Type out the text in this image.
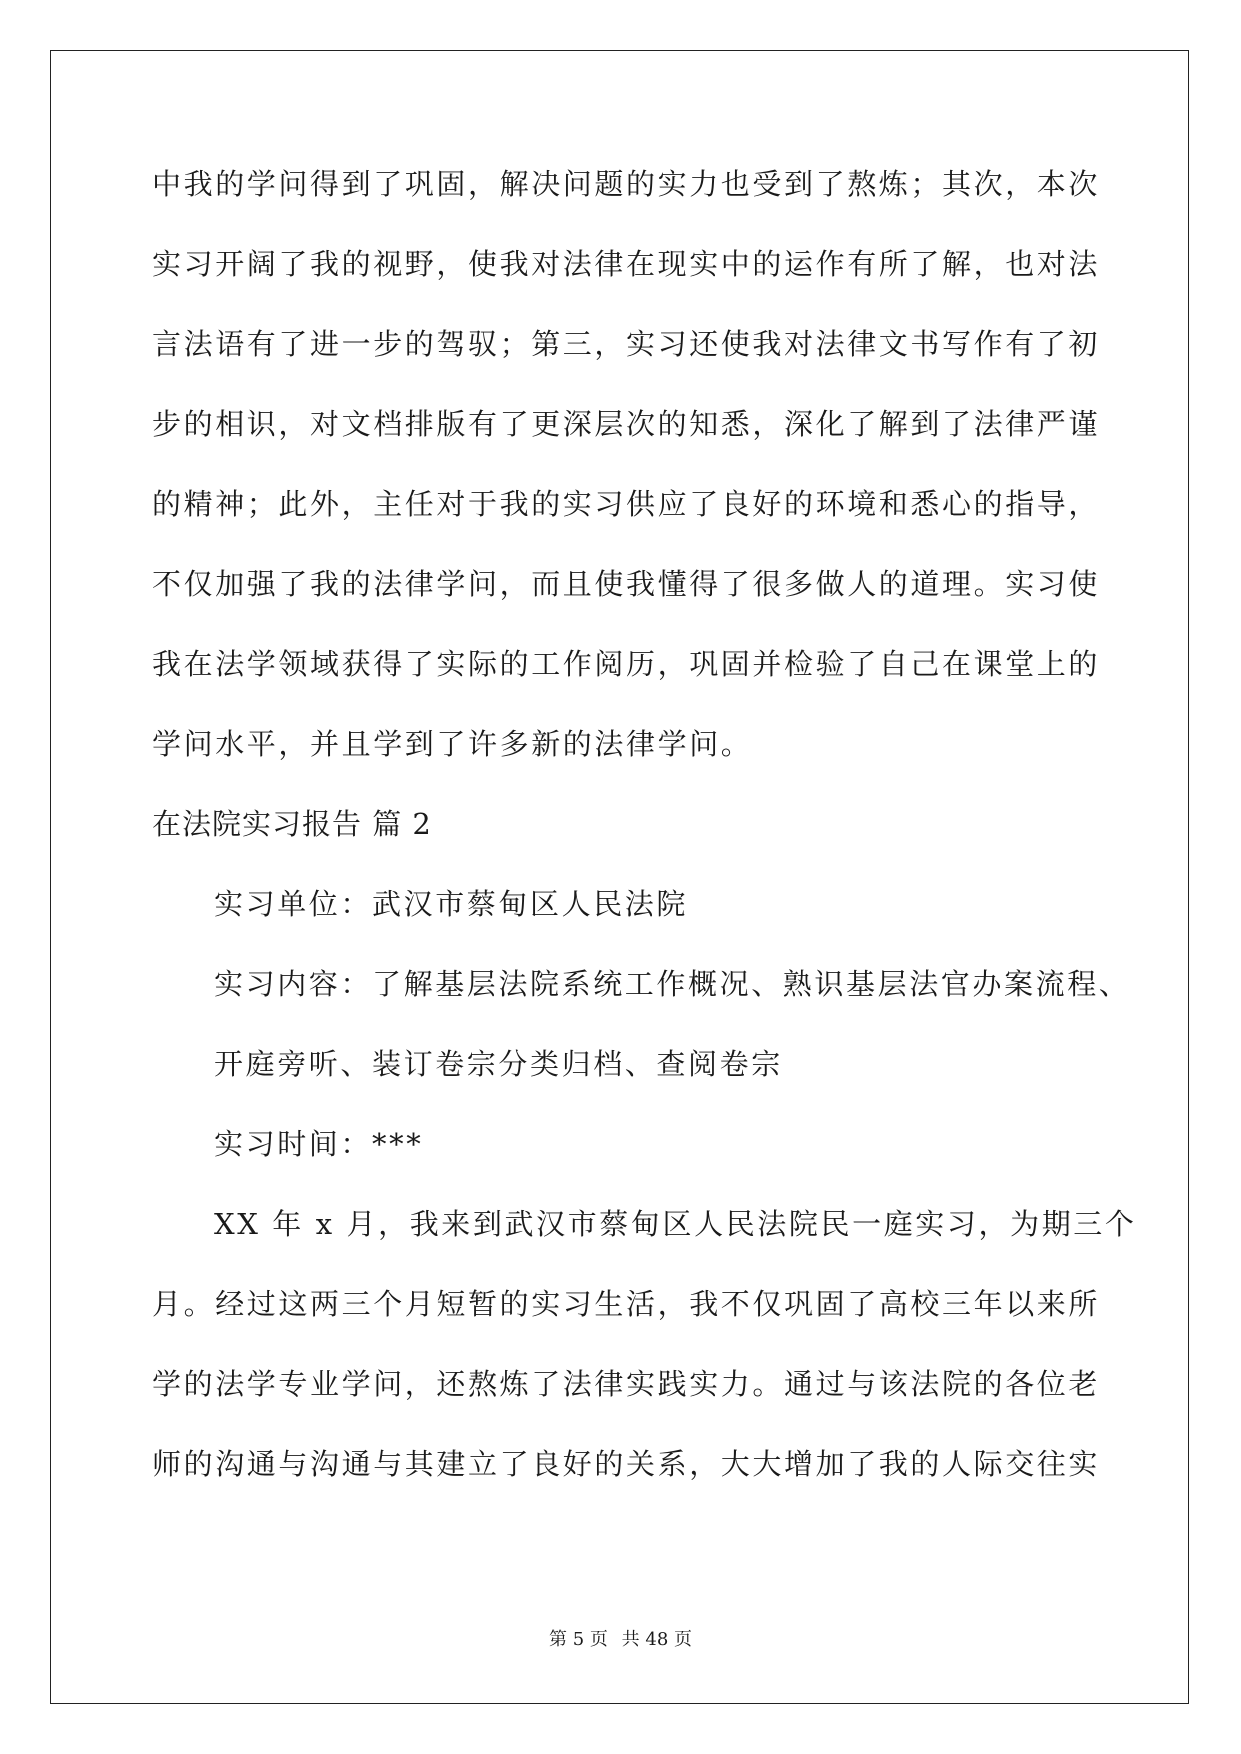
中我的学问得到了巩固，解决问题的实力也受到了熬炼；其次，本次
实习开阔了我的视野，使我对法律在现实中的运作有所了解，也对法
言法语有了进一步的驾驭；第三，实习还使我对法律文书写作有了初
步的相识，对文档排版有了更深层次的知悉，深化了解到了法律严谨
的精神；此外，主任对于我的实习供应了良好的环境和悉心的指导，
不仅加强了我的法律学问，而且使我懂得了很多做人的道理。实习使
我在法学领域获得了实际的工作阅历，巩固并检验了自己在课堂上的
学问水平，并且学到了许多新的法律学问。
在法院实习报告 篇 2
实习单位：武汉市蔡甸区人民法院
实习内容：了解基层法院系统工作概况、熟识基层法官办案流程、
开庭旁听、装订卷宗分类归档、查阅卷宗
实习时间：***
XX 年 x 月，我来到武汉市蔡甸区人民法院民一庭实习，为期三个
月。经过这两三个月短暂的实习生活，我不仅巩固了高校三年以来所
学的法学专业学问，还熬炼了法律实践实力。通过与该法院的各位老
师的沟通与沟通与其建立了良好的关系，大大增加了我的人际交往实
第 5 页 共 48 页
